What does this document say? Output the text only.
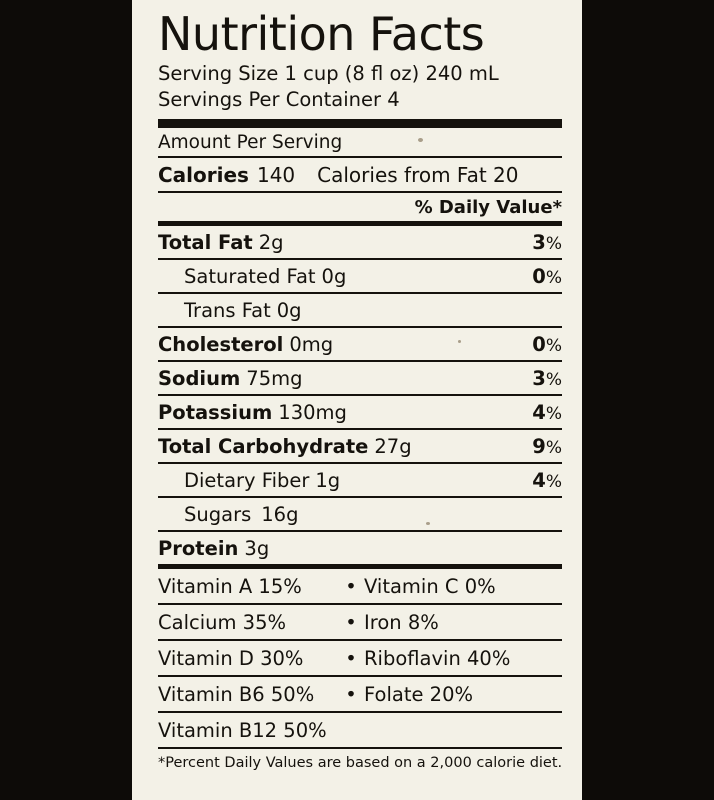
Nutrition Facts
Serving Size 1 cup (8 fl oz) 240 mL
Servings Per Container 4
Amount Per Serving
Calories 140 Calories from Fat 20
% Daily Value*
Total Fat 2g	3%
Saturated Fat 0g	0%
Trans Fat 0g
Cholesterol 0mg	0%
Sodium 75mg	3%
Potassium 130mg	4%
Total Carbohydrate 27g	9%
Dietary Fiber 1g	4%
Sugars 16g
Protein 3g
Vitamin A 15%	• Vitamin C 0%
Calcium 35%	• Iron 8%
Vitamin D 30%	• Riboflavin 40%
Vitamin B6 50%	• Folate 20%
Vitamin B12 50%
*Percent Daily Values are based on a 2,000 calorie diet.
